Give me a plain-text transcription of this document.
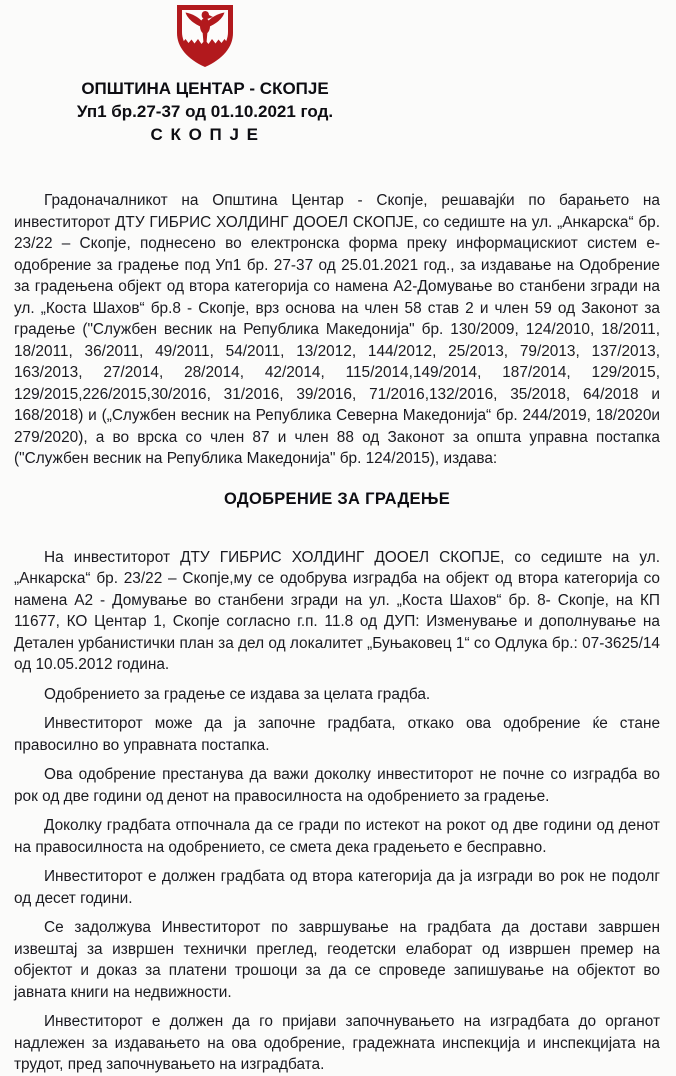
ОПШТИНА ЦЕНТАР - СКОПЈЕ
Уп1 бр.27-37 од 01.10.2021 год.
С К О П Ј Е

Градоначалникот на Општина Центар - Скопје, решавајќи по барањето на инвеститорот ДТУ ГИБРИС ХОЛДИНГ ДООЕЛ СКОПЈЕ, со седиште на ул. „Анкарска“ бр. 23/22 – Скопје, поднесено во електронска форма преку информацискиот систем е-одобрение за градење под Уп1 бр. 27-37 од 25.01.2021 год., за издавање на Одобрение за градењена објект од втора категорија со намена А2-Домување во станбени згради на ул. „Коста Шахов“ бр.8 - Скопје, врз основа на член 58 став 2 и член 59 од Законот за градење ("Службен весник на Република Македонија" бр. 130/2009, 124/2010, 18/2011, 18/2011, 36/2011, 49/2011, 54/2011, 13/2012, 144/2012, 25/2013, 79/2013, 137/2013, 163/2013, 27/2014, 28/2014, 42/2014, 115/2014,149/2014, 187/2014, 129/2015, 129/2015,226/2015,30/2016, 31/2016, 39/2016, 71/2016,132/2016, 35/2018, 64/2018 и 168/2018) и („Службен весник на Република Северна Македонија“ бр. 244/2019, 18/2020и 279/2020), а во врска со член 87 и член 88 од Законот за општа управна постапка ("Службен весник на Република Македонија" бр. 124/2015), издава:

ОДОБРЕНИЕ ЗА ГРАДЕЊЕ

На инвеститорот ДТУ ГИБРИС ХОЛДИНГ ДООЕЛ СКОПЈЕ, со седиште на ул. „Анкарска“ бр. 23/22 – Скопје,му се одобрува изградба на објект од втора категорија со намена А2 - Домување во станбени згради на ул. „Коста Шахов“ бр. 8- Скопје, на КП 11677, КО Центар 1, Скопје согласно г.п. 11.8 од ДУП: Изменување и дополнување на Детален урбанистички план за дел од локалитет „Буњаковец 1“ со Одлука бр.: 07-3625/14 од 10.05.2012 година.

Одобрението за градење се издава за целата градба.

Инвеститорот може да ја започне градбата, откако ова одобрение ќе стане правосилно во управната постапка.

Ова одобрение престанува да важи доколку инвеститорот не почне со изградба во рок од две години од денот на правосилноста на одобрението за градење.

Доколку градбата отпочнала да се гради по истекот на рокот од две години од денот на правосилноста на одобрението, се смета дека градењето е бесправно.

Инвеститорот е должен градбата од втора категорија да ја изгради во рок не подолг од десет години.

Се задолжува Инвеститорот по завршување на градбата да достави завршен извештај за извршен технички преглед, геодетски елаборат од извршен премер на објектот и доказ за платени трошоци за да се спроведе запишување на објектот во јавната книги на недвижности.

Инвеститорот е должен да го пријави започнувањето на изградбата до органот надлежен за издавањето на ова одобрение, градежната инспекција и инспекцијата на трудот, пред започнувањето на изградбата.
